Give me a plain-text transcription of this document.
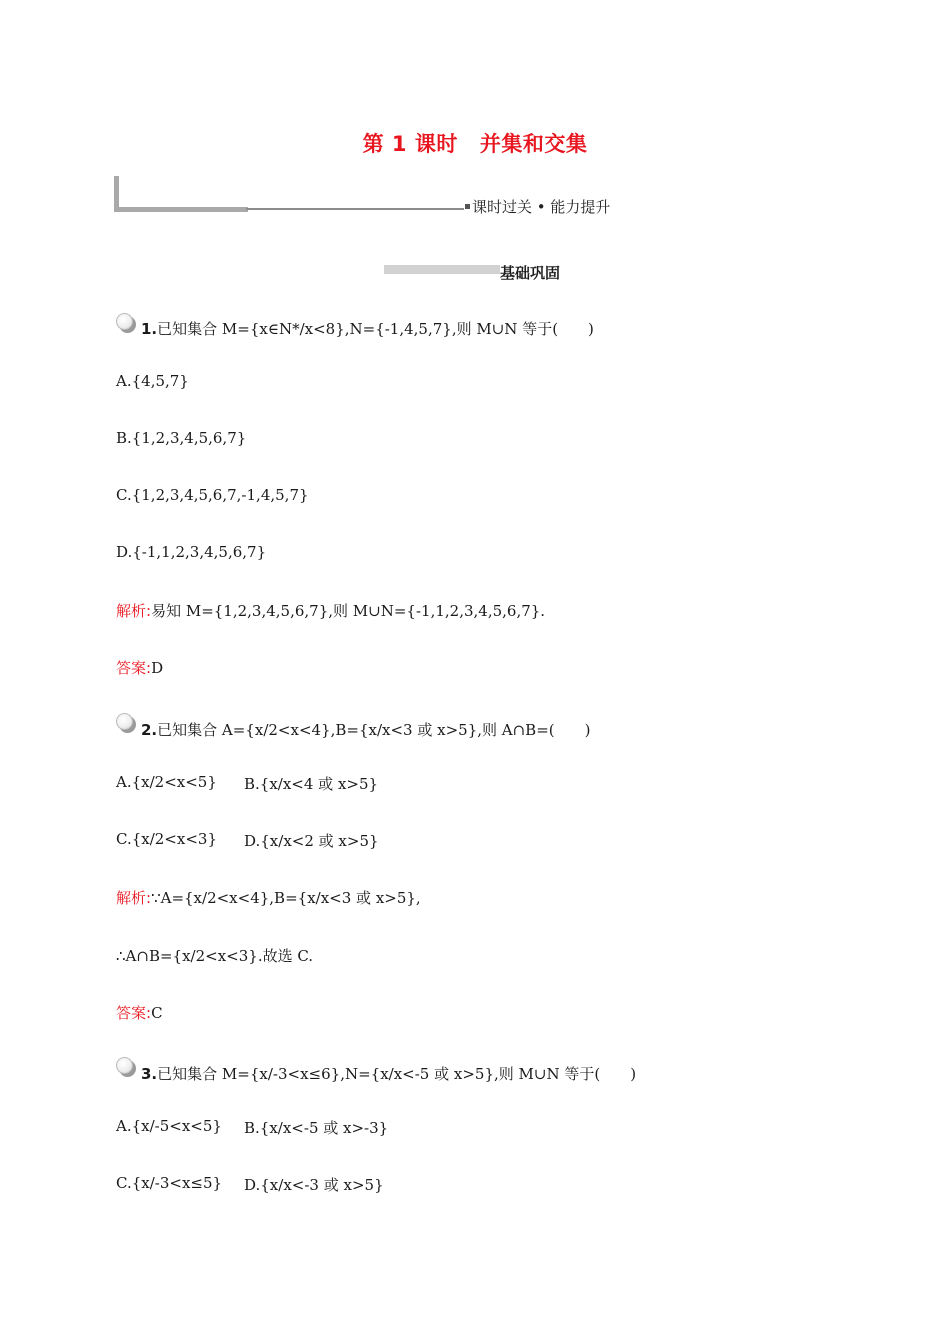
第 1 课时 并集和交集
课时过关 • 能力提升
基础巩固
1.已知集合 M={x∈N*/x<8},N={-1,4,5,7},则 M∪N 等于(　　)
A.{4,5,7}
B.{1,2,3,4,5,6,7}
C.{1,2,3,4,5,6,7,-1,4,5,7}
D.{-1,1,2,3,4,5,6,7}
解析:易知 M={1,2,3,4,5,6,7},则 M∪N={-1,1,2,3,4,5,6,7}.
答案:D
2.已知集合 A={x/2<x<4},B={x/x<3 或 x>5},则 A∩B=(　　)
A.{x/2<x<5} B.{x/x<4 或 x>5}
C.{x/2<x<3} D.{x/x<2 或 x>5}
解析:∵A={x/2<x<4},B={x/x<3 或 x>5},
∴A∩B={x/2<x<3}.故选 C.
答案:C
3.已知集合 M={x/-3<x≤6},N={x/x<-5 或 x>5},则 M∪N 等于(　　)
A.{x/-5<x<5} B.{x/x<-5 或 x>-3}
C.{x/-3<x≤5} D.{x/x<-3 或 x>5}
